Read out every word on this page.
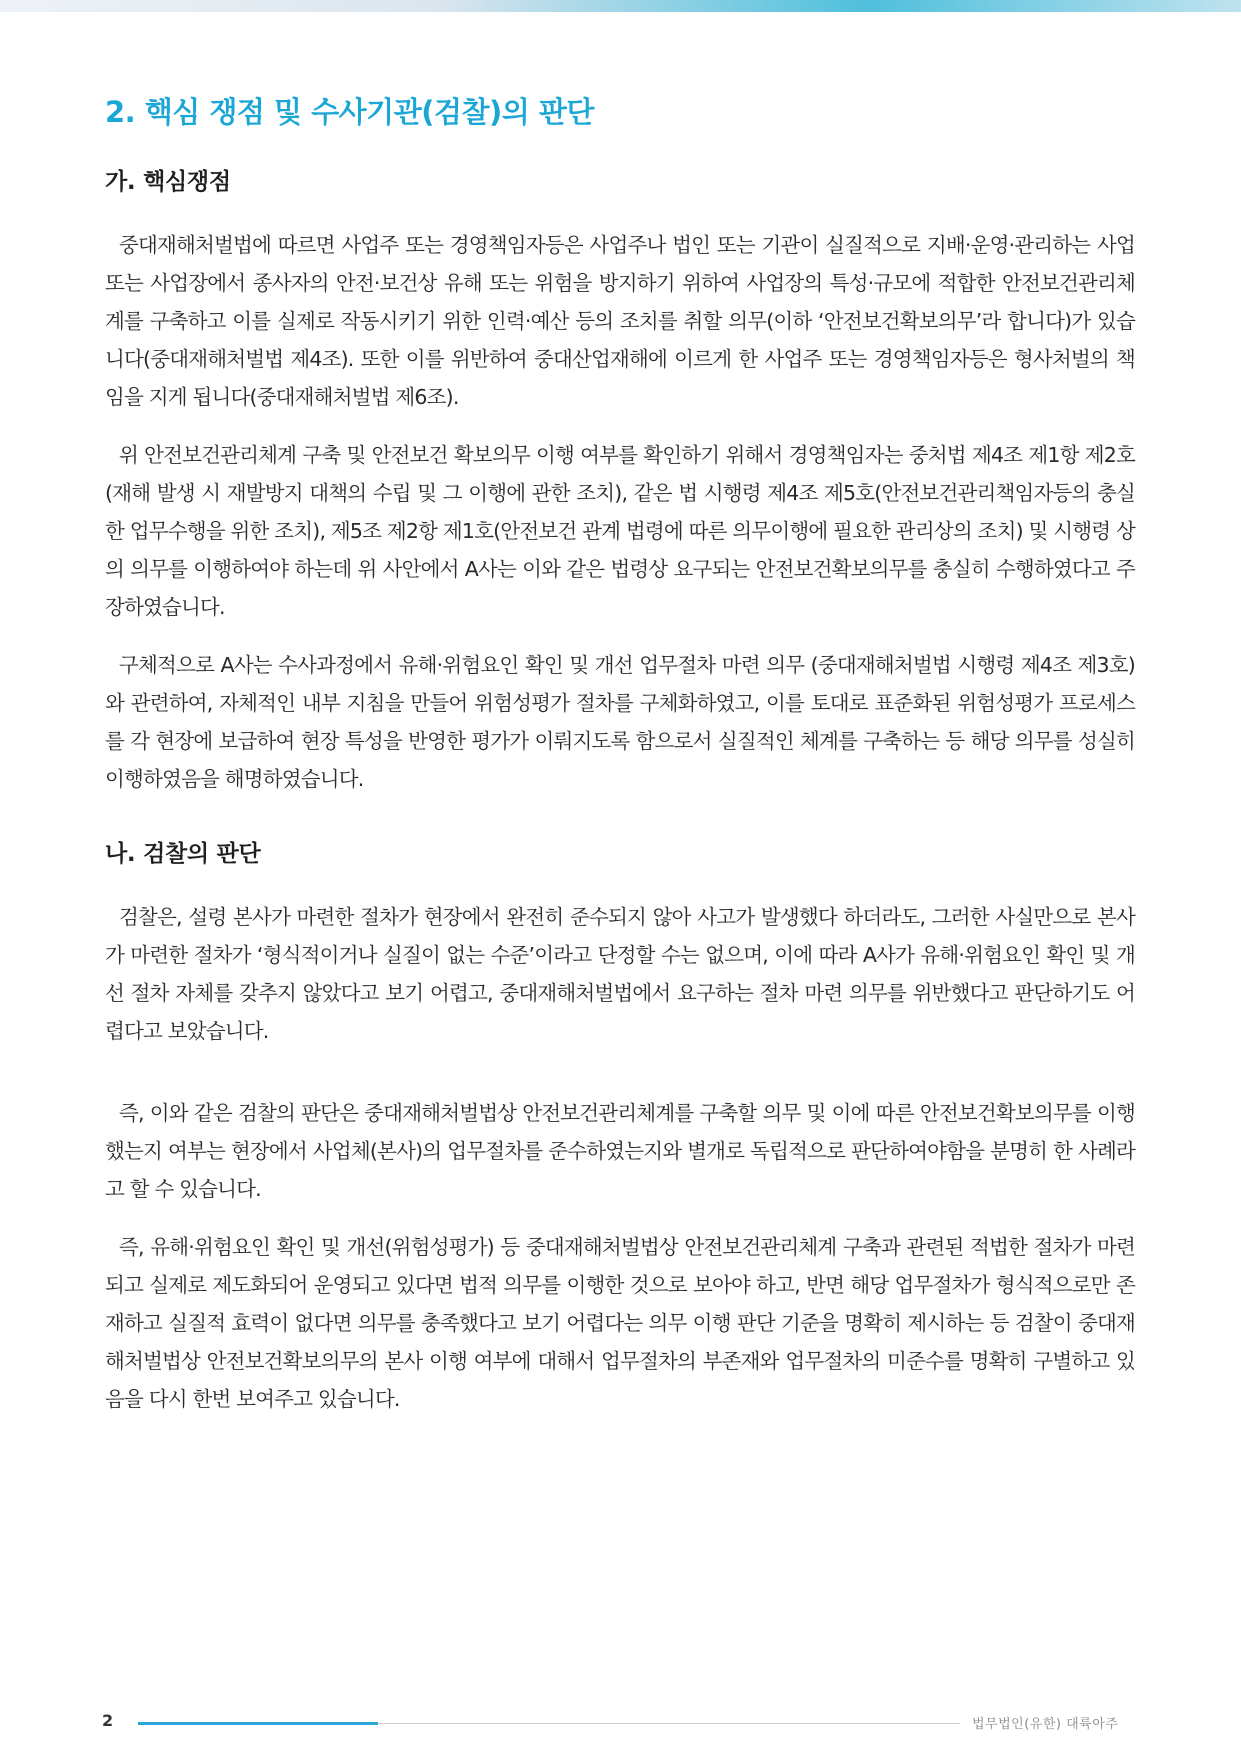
2. 핵심 쟁점 및 수사기관(검찰)의 판단
가. 핵심쟁점

중대재해처벌법에 따르면 사업주 또는 경영책임자등은 사업주나 법인 또는 기관이 실질적으로 지배·운영·관리하는 사업 또는 사업장에서 종사자의 안전·보건상 유해 또는 위험을 방지하기 위하여 사업장의 특성·규모에 적합한 안전보건관리체계를 구축하고 이를 실제로 작동시키기 위한 인력·예산 등의 조치를 취할 의무(이하 ‘안전보건확보의무’라 합니다)가 있습니다(중대재해처벌법 제4조). 또한 이를 위반하여 중대산업재해에 이르게 한 사업주 또는 경영책임자등은 형사처벌의 책임을 지게 됩니다(중대재해처벌법 제6조).

위 안전보건관리체계 구축 및 안전보건 확보의무 이행 여부를 확인하기 위해서 경영책임자는 중처법 제4조 제1항 제2호(재해 발생 시 재발방지 대책의 수립 및 그 이행에 관한 조치), 같은 법 시행령 제4조 제5호(안전보건관리책임자등의 충실한 업무수행을 위한 조치), 제5조 제2항 제1호(안전보건 관계 법령에 따른 의무이행에 필요한 관리상의 조치) 및 시행령 상의 의무를 이행하여야 하는데 위 사안에서 A사는 이와 같은 법령상 요구되는 안전보건확보의무를 충실히 수행하였다고 주장하였습니다.

구체적으로 A사는 수사과정에서 유해·위험요인 확인 및 개선 업무절차 마련 의무 (중대재해처벌법 시행령 제4조 제3호)와 관련하여, 자체적인 내부 지침을 만들어 위험성평가 절차를 구체화하였고, 이를 토대로 표준화된 위험성평가 프로세스를 각 현장에 보급하여 현장 특성을 반영한 평가가 이뤄지도록 함으로서 실질적인 체계를 구축하는 등 해당 의무를 성실히 이행하였음을 해명하였습니다.

나. 검찰의 판단

검찰은, 설령 본사가 마련한 절차가 현장에서 완전히 준수되지 않아 사고가 발생했다 하더라도, 그러한 사실만으로 본사가 마련한 절차가 ‘형식적이거나 실질이 없는 수준’이라고 단정할 수는 없으며, 이에 따라 A사가 유해·위험요인 확인 및 개선 절차 자체를 갖추지 않았다고 보기 어렵고, 중대재해처벌법에서 요구하는 절차 마련 의무를 위반했다고 판단하기도 어렵다고 보았습니다.

즉, 이와 같은 검찰의 판단은 중대재해처벌법상 안전보건관리체계를 구축할 의무 및 이에 따른 안전보건확보의무를 이행했는지 여부는 현장에서 사업체(본사)의 업무절차를 준수하였는지와 별개로 독립적으로 판단하여야함을 분명히 한 사례라고 할 수 있습니다.

즉, 유해·위험요인 확인 및 개선(위험성평가) 등 중대재해처벌법상 안전보건관리체계 구축과 관련된 적법한 절차가 마련되고 실제로 제도화되어 운영되고 있다면 법적 의무를 이행한 것으로 보아야 하고, 반면 해당 업무절차가 형식적으로만 존재하고 실질적 효력이 없다면 의무를 충족했다고 보기 어렵다는 의무 이행 판단 기준을 명확히 제시하는 등 검찰이 중대재해처벌법상 안전보건확보의무의 본사 이행 여부에 대해서 업무절차의 부존재와 업무절차의 미준수를 명확히 구별하고 있음을 다시 한번 보여주고 있습니다.

2	법무법인(유한) 대륙아주
